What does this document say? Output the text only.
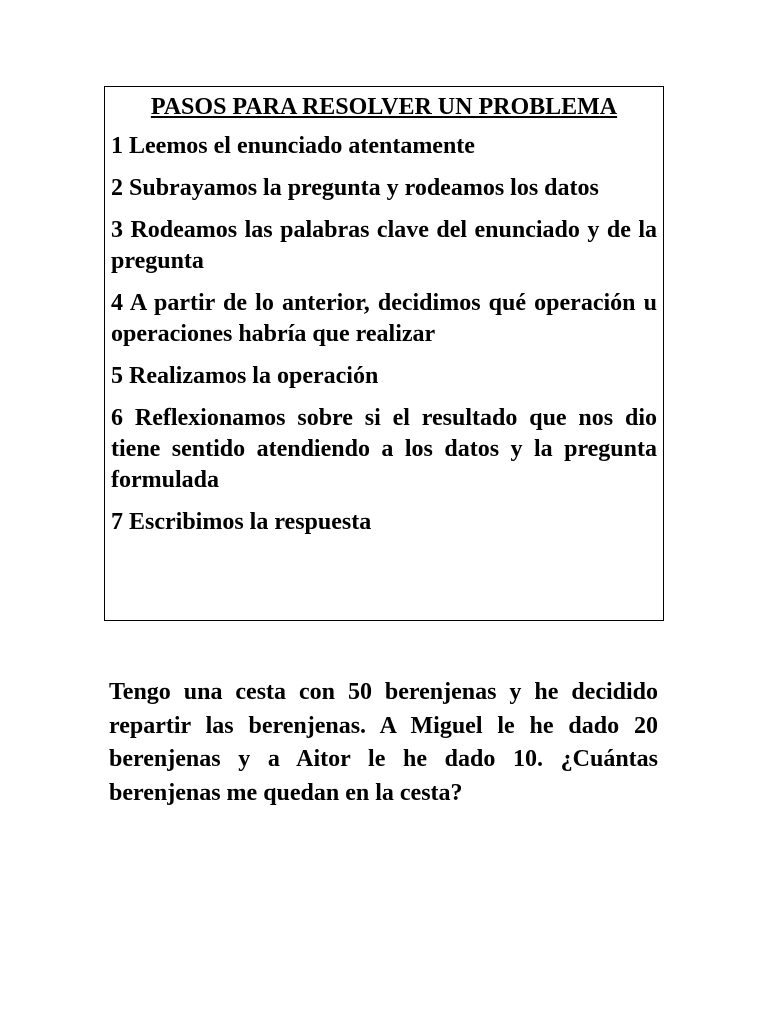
PASOS PARA RESOLVER UN PROBLEMA

1 Leemos el enunciado atentamente

2 Subrayamos la pregunta y rodeamos los datos

3 Rodeamos las palabras clave del enunciado y de la pregunta

4 A partir de lo anterior, decidimos qué operación u operaciones habría que realizar

5 Realizamos la operación

6 Reflexionamos sobre si el resultado que nos dio tiene sentido atendiendo a los datos y la pregunta formulada

7 Escribimos la respuesta

Tengo una cesta con 50 berenjenas y he decidido repartir las berenjenas. A Miguel le he dado 20 berenjenas y a Aitor le he dado 10. ¿Cuántas berenjenas me quedan en la cesta?
